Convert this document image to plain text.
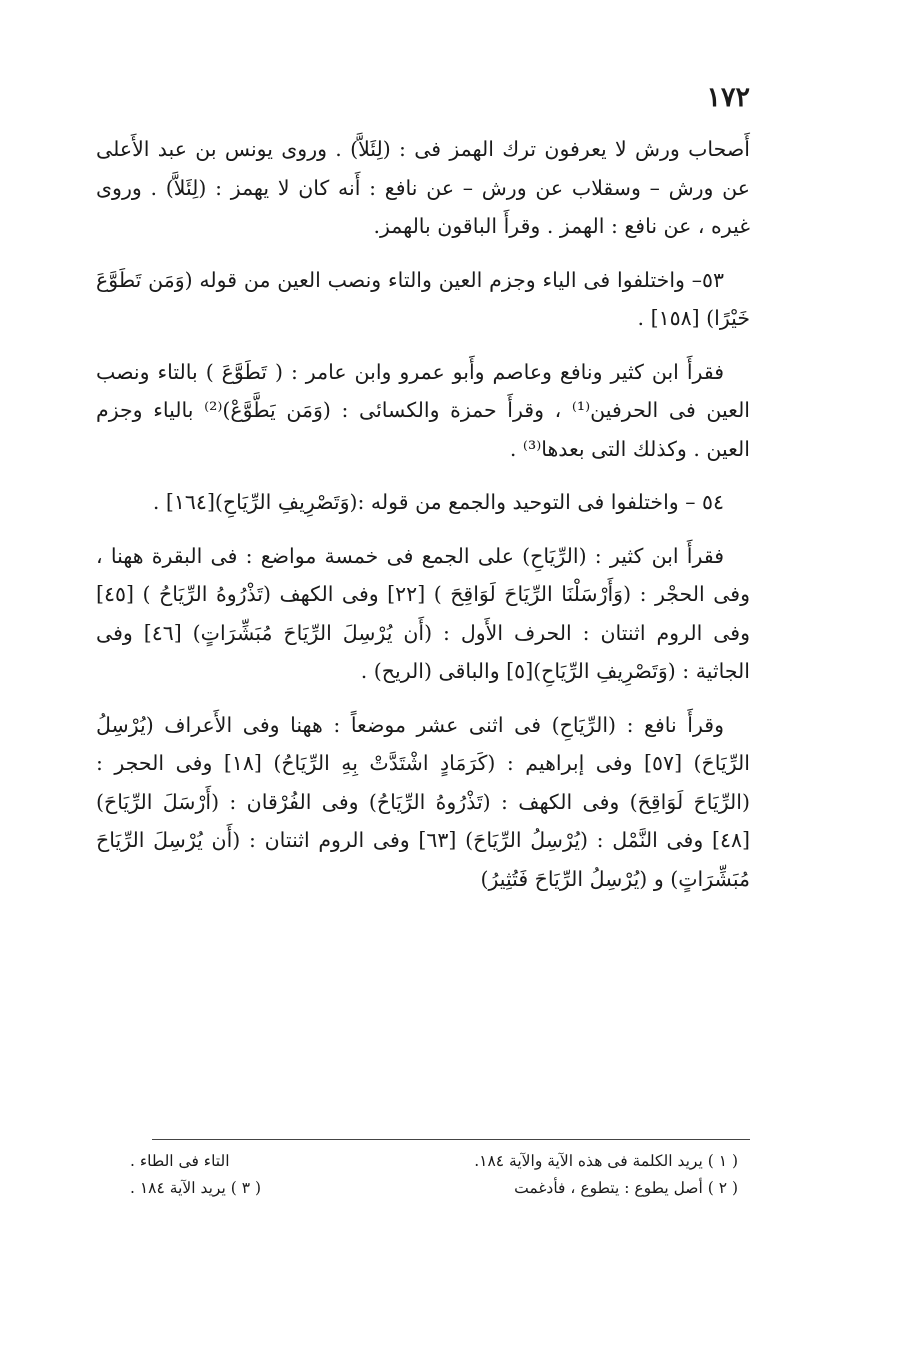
١٧٢

أَصحاب ورش لا يعرفون ترك الهمز فى : (لِئَلاَّ) . وروى يونس بن عبد الأَعلى عن ورش – وسقلاب عن ورش – عن نافع : أَنه كان لا يهمز : (لِئَلاَّ) . وروى غيره ، عن نافع : الهمز . وقرأَ الباقون بالهمز.

٥٣– واختلفوا فى الياء وجزم العين والتاء ونصب العين من قوله (وَمَن تَطَوَّعَ خَيْرًا) [١٥٨] .

فقرأَ ابن كثير ونافع وعاصم وأَبو عمرو وابن عامر : ( تَطَوَّعَ ) بالتاء ونصب العين فى الحرفين⁽¹⁾ ، وقرأَ حمزة والكسائى : (وَمَن يَطَّوَّعْ)⁽²⁾ بالياء وجزم العين . وكذلك التى بعدها⁽³⁾ .

٥٤ – واختلفوا فى التوحيد والجمع من قوله :(وَتَصْرِيفِ الرِّيَاحِ)[١٦٤] .

فقرأَ ابن كثير : (الرِّيَاحِ) على الجمع فى خمسة مواضع : فى البقرة ههنا ، وفى الحجْر : (وَأَرْسَلْنَا الرِّيَاحَ لَوَاقِحَ ) [٢٢] وفى الكهف (تَذْرُوهُ الرِّيَاحُ ) [٤٥] وفى الروم اثنتان : الحرف الأَول : (أَن يُرْسِلَ الرِّيَاحَ مُبَشِّرَاتٍ) [٤٦] وفى الجاثية : (وَتَصْرِيفِ الرِّيَاحِ)[٥] والباقى (الريح) .

وقرأَ نافع : (الرِّيَاحِ) فى اثنى عشر موضعاً : ههنا وفى الأَعراف (يُرْسِلُ الرِّيَاحَ) [٥٧] وفى إبراهيم : (كَرَمَادٍ اشْتَدَّتْ بِهِ الرِّيَاحُ) [١٨] وفى الحجر : (الرِّيَاحَ لَوَاقِحَ) وفى الكهف : (تَذْرُوهُ الرِّيَاحُ) وفى الفُرْقان : (أَرْسَلَ الرِّيَاحَ) [٤٨] وفى النَّمْل : (يُرْسِلُ الرِّيَاحَ) [٦٣] وفى الروم اثنتان : (أَن يُرْسِلَ الرِّيَاحَ مُبَشِّرَاتٍ) و (يُرْسِلُ الرِّيَاحَ فَتُثِيرُ)

( ١ ) يريد الكلمة فى هذه الآية والآية ١٨٤.
التاء فى الطاء .
( ٢ ) أصل يطوع : يتطوع ، فأدغمت
( ٣ ) يريد الآية ١٨٤ .
